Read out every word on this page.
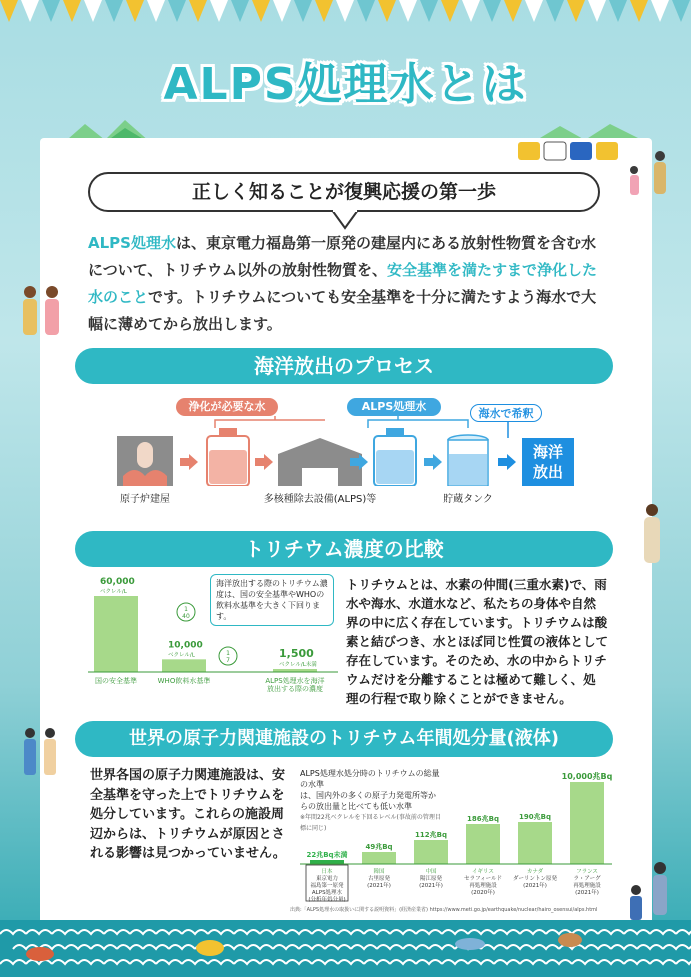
ALPS処理水とは
正しく知ることが復興応援の第一歩

ALPS処理水は、東京電力福島第一原発の建屋内にある放射性物質を含む水について、トリチウム以外の放射性物質を、安全基準を満たすまで浄化した水のことです。トリチウムについても安全基準を十分に満たすよう海水で大幅に薄めてから放出します。

海洋放出のプロセス
浄化が必要な水	ALPS処理水
海水で希釈
原子炉建屋	多核種除去設備(ALPS)等	貯蔵タンク
海洋
放出
トリチウム濃度の比較
60,000
ベクレル/L
国の安全基準
10,000
ベクレル/L
WHO飲料水基準
1,500
ベクレル/L未満
ALPS処理水を海洋
放出する際の濃度
1
40
1
7
海洋放出する際のトリチウム濃度は、国の安全基準やWHOの飲料水基準を大きく下回ります。

トリチウムとは、水素の仲間(三重水素)で、雨水や海水、水道水など、私たちの身体や自然界の中に広く存在しています。トリチウムは酸素と結びつき、水とほぼ同じ性質の液体として存在しています。そのため、水の中からトリチウムだけを分離することは極めて難しく、処理の行程で取り除くことができません。

世界の原子力関連施設のトリチウム年間処分量(液体)

世界各国の原子力関連施設は、安全基準を守った上でトリチウムを処分しています。これらの施設周辺からは、トリチウムが原因とされる影響は見つかっていません。

ALPS処理水処分時のトリチウムの総量の水準
は、国内外の多くの原子力発電所等からの放出量と比べても低い水準
※年間22兆ベクレルを下回るレベル(事故前の管理目標に同じ)
22兆Bq未満
日本
東京電力
福島第一原発
ALPS処理水
(分析年処分量)
49兆Bq
韓国
古里原発
(2021年)
112兆Bq
中国
陽江原発
(2021年)
186兆Bq
イギリス
セラフィールド
再処理施設
(2020年)
190兆Bq
カナダ
ダーリントン原発
(2021年)
10,000兆Bq
フランス
ラ・アーグ
再処理施設
(2021年)
出典:「ALPS処理水の取扱いに関する説明資料」(経済産業省) https://www.meti.go.jp/earthquake/nuclear/hairo_osensui/alps.html
